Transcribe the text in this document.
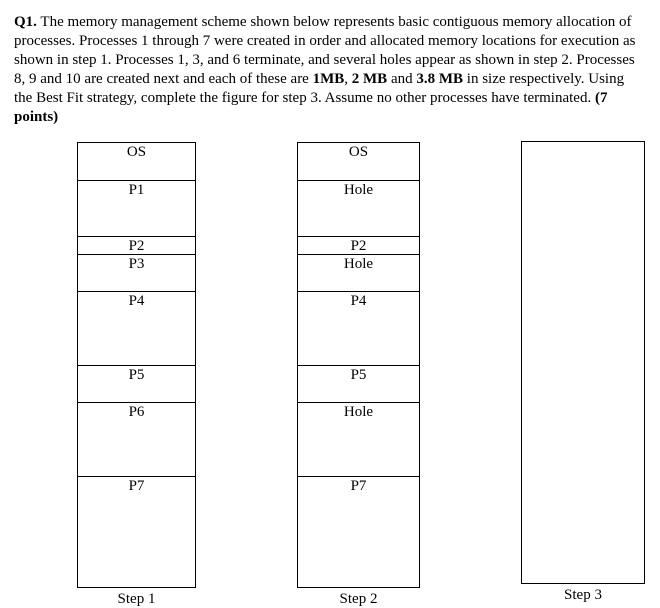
Q1. The memory management scheme shown below represents basic contiguous memory allocation of processes. Processes 1 through 7 were created in order and allocated memory locations for execution as shown in step 1. Processes 1, 3, and 6 terminate, and several holes appear as shown in step 2. Processes 8, 9 and 10 are created next and each of these are 1MB, 2 MB and 3.8 MB in size respectively. Using the Best Fit strategy, complete the figure for step 3. Assume no other processes have terminated. (7 points)
OS
P1
P2
P3
P4
P5
P6
P7
Step 1
OS
Hole
P2
Hole
P4
P5
Hole
P7
Step 2	Step 3
